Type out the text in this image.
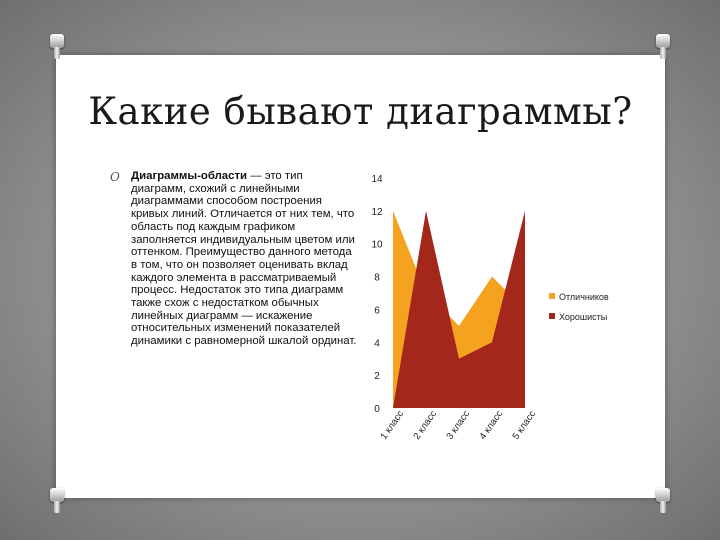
Какие бывают диаграммы?
O Диаграммы-области — это тип диаграмм, схожий с линейными диаграммами способом построения кривых линий. Отличается от них тем, что область под каждым графиком заполняется индивидуальным цветом или оттенком. Преимущество данного метода в том, что он позволяет оценивать вклад каждого элемента в рассматриваемый процесс. Недостаток это типа диаграмм также схож с недостатком обычных линейных диаграмм — искажение относительных изменений показателей динамики с равномерной шкалой ординат.
0
2
4
6
8
10
12
14
1 класс 2 класс 3 класс 4 класс 5 класс
Отличников
Хорошисты
